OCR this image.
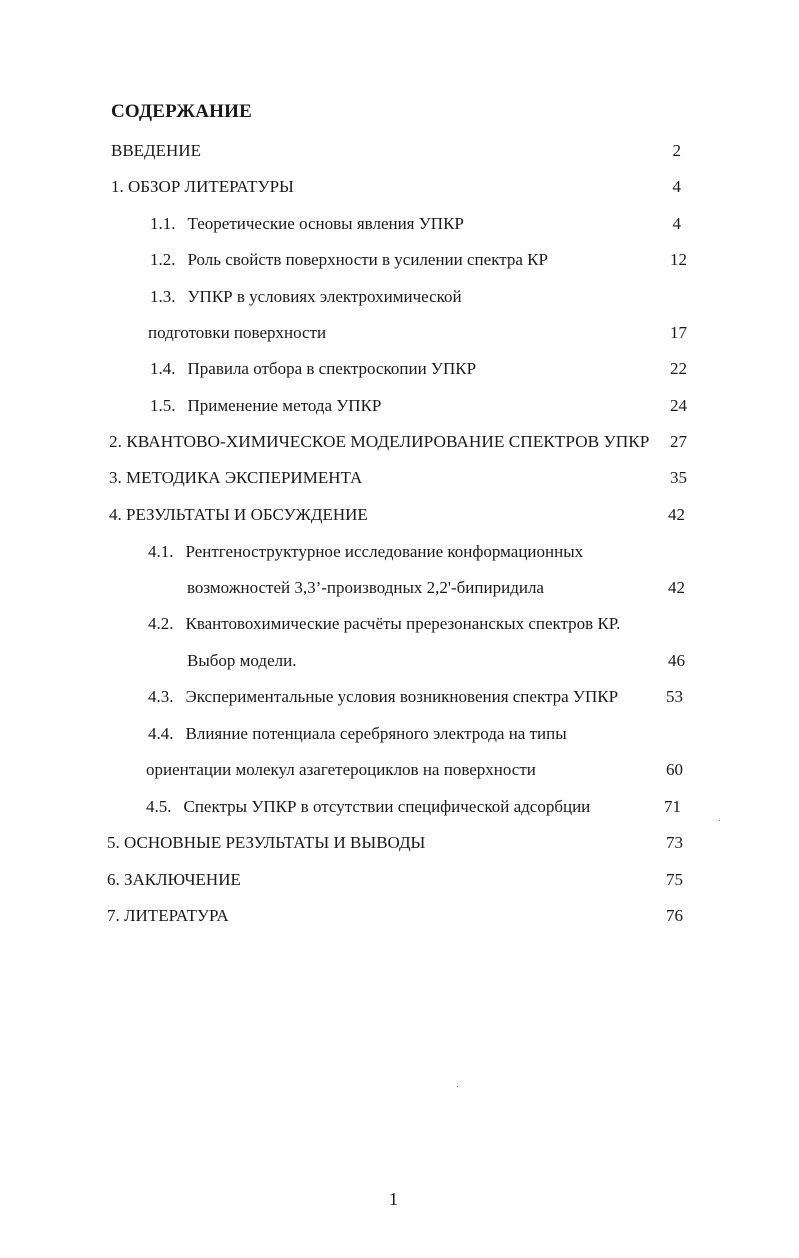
СОДЕРЖАНИЕ
ВВЕДЕНИЕ	2
1. ОБЗОР ЛИТЕРАТУРЫ	4
1.1. Теоретические основы явления УПКР	4
1.2. Роль свойств поверхности в усилении спектра КР	12
1.3. УПКР в условиях электрохимической
подготовки поверхности	17
1.4. Правила отбора в спектроскопии УПКР	22
1.5. Применение метода УПКР	24
2. КВАНТОВО-ХИМИЧЕСКОЕ МОДЕЛИРОВАНИЕ СПЕКТРОВ УПКР	27
3. МЕТОДИКА ЭКСПЕРИМЕНТА	35
4. РЕЗУЛЬТАТЫ И ОБСУЖДЕНИЕ	42
4.1. Рентгеноструктурное исследование конформационных
возможностей 3,3’-производных 2,2'-бипиридила	42
4.2. Квантовохимические расчёты пререзонанскых спектров КР.
Выбор модели.	46
4.3. Экспериментальные условия возникновения спектра УПКР	53
4.4. Влияние потенциала серебряного электрода на типы
ориентации молекул азагетероциклов на поверхности	60
4.5. Спектры УПКР в отсутствии специфической адсорбции	71
5. ОСНОВНЫЕ РЕЗУЛЬТАТЫ И ВЫВОДЫ	73
6. ЗАКЛЮЧЕНИЕ	75
7. ЛИТЕРАТУРА	76
1
